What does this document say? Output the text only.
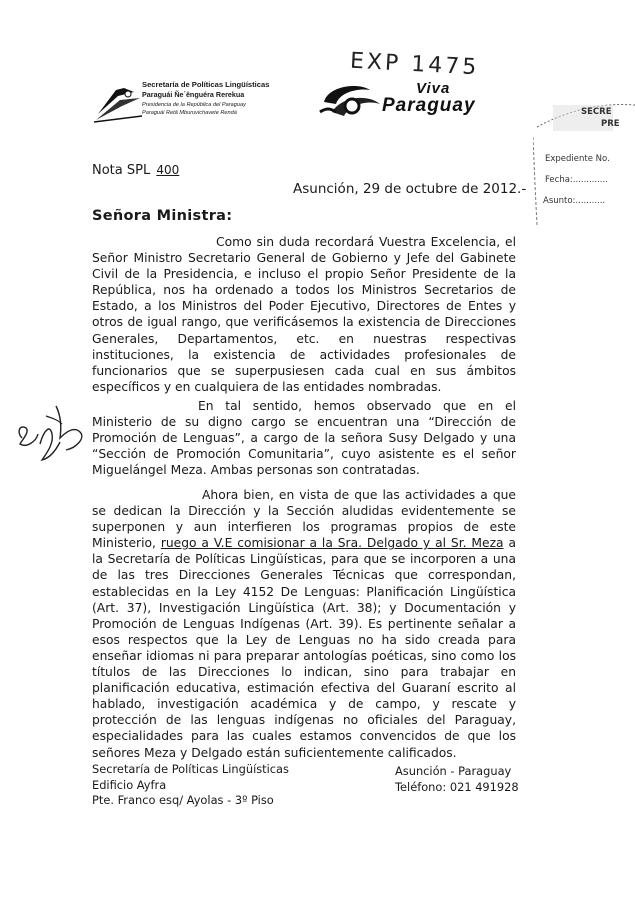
Secretaría de Políticas Lingüísticas
Paraguái Ñe´ênguéra Rerekua
Presidencia de la República del Paraguay
Paraguái Retã Mburuvichavete Rendá
EXP 1475
Viva
Paraguay	SECRE
PRE
Expediente No.
Fecha:.............
Asunto:...........
Nota SPL 400
Asunción, 29 de octubre de 2012.-
Señora Ministra:

Como sin duda recordará Vuestra Excelencia, el Señor Ministro Secretario General de Gobierno y Jefe del Gabinete Civil de la Presidencia, e incluso el propio Señor Presidente de la República, nos ha ordenado a todos los Ministros Secretarios de Estado, a los Ministros del Poder Ejecutivo, Directores de Entes y otros de igual rango, que verificásemos la existencia de Direcciones Generales, Departamentos, etc. en nuestras respectivas instituciones, la existencia de actividades profesionales de funcionarios que se superpusiesen cada cual en sus ámbitos específicos y en cualquiera de las entidades nombradas.

En tal sentido, hemos observado que en el Ministerio de su digno cargo se encuentran una “Dirección de Promoción de Lenguas”, a cargo de la señora Susy Delgado y una “Sección de Promoción Comunitaria”, cuyo asistente es el señor Miguelángel Meza. Ambas personas son contratadas.

Ahora bien, en vista de que las actividades a que se dedican la Dirección y la Sección aludidas evidentemente se superponen y aun interfieren los programas propios de este Ministerio, ruego a V.E comisionar a la Sra. Delgado y al Sr. Meza a la Secretaría de Políticas Lingüísticas, para que se incorporen a una de las tres Direcciones Generales Técnicas que correspondan, establecidas en la Ley 4152 De Lenguas: Planificación Lingüística (Art. 37), Investigación Lingüística (Art. 38); y Documentación y Promoción de Lenguas Indígenas (Art. 39). Es pertinente señalar a esos respectos que la Ley de Lenguas no ha sido creada para enseñar idiomas ni para preparar antologías poéticas, sino como los títulos de las Direcciones lo indican, sino para trabajar en planificación educativa, estimación efectiva del Guaraní escrito al hablado, investigación académica y de campo, y rescate y protección de las lenguas indígenas no oficiales del Paraguay, especialidades para las cuales estamos convencidos de que los señores Meza y Delgado están suficientemente calificados.

Secretaría de Políticas Lingüísticas
Edificio Ayfra
Pte. Franco esq/ Ayolas - 3º Piso
Asunción - Paraguay
Teléfono: 021 491928
